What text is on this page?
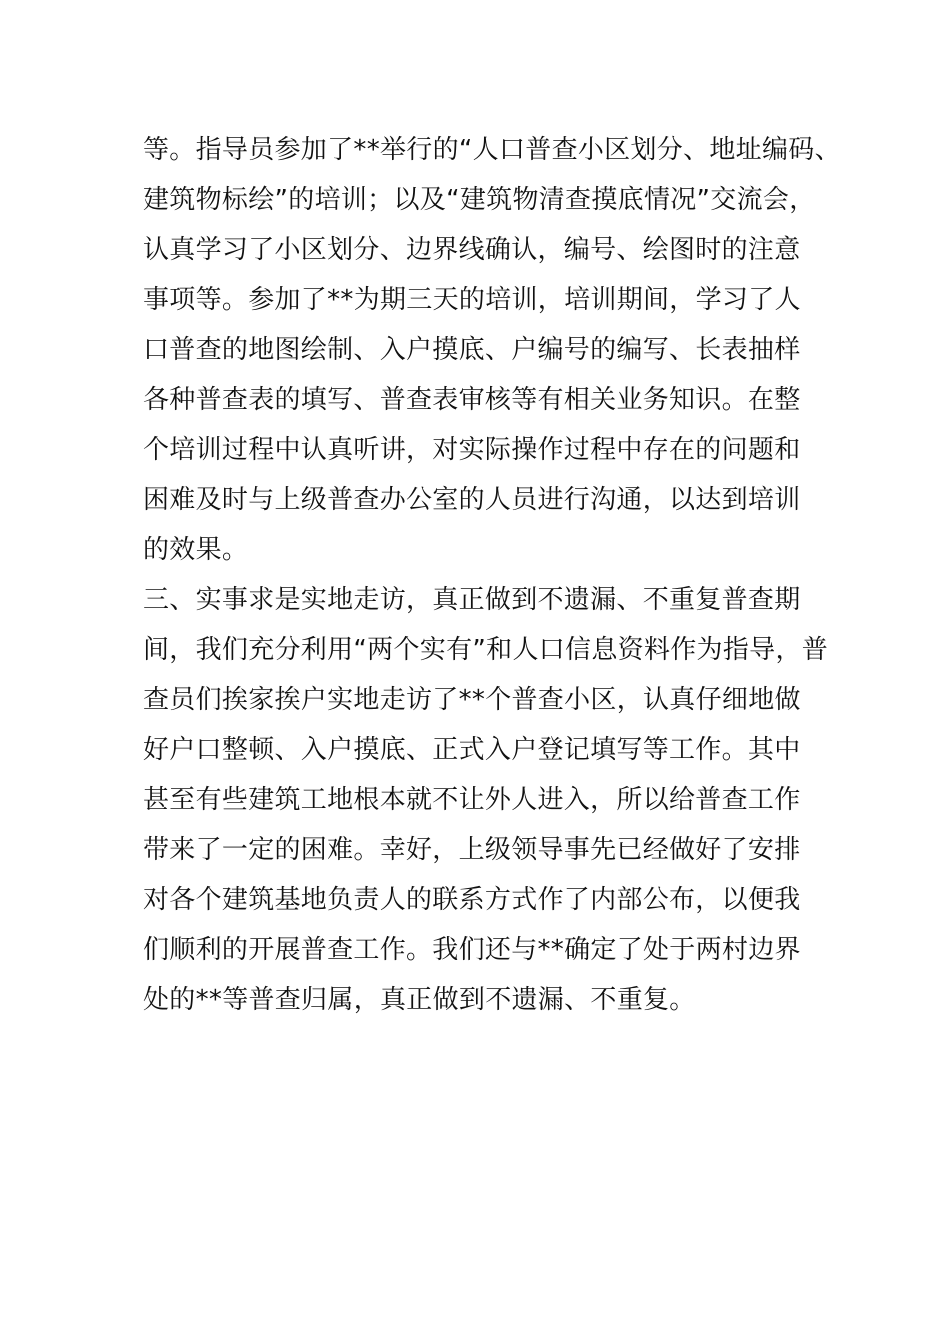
等。指导员参加了**举行的“人口普查小区划分、地址编码、
建筑物标绘”的培训；以及“建筑物清查摸底情况”交流会，
认真学习了小区划分、边界线确认，编号、绘图时的注意
事项等。参加了**为期三天的培训，培训期间，学习了人
口普查的地图绘制、入户摸底、户编号的编写、长表抽样
各种普查表的填写、普查表审核等有相关业务知识。在整
个培训过程中认真听讲，对实际操作过程中存在的问题和
困难及时与上级普查办公室的人员进行沟通，以达到培训
的效果。
三、实事求是实地走访，真正做到不遗漏、不重复普查期
间，我们充分利用“两个实有”和人口信息资料作为指导，普
查员们挨家挨户实地走访了**个普查小区，认真仔细地做
好户口整顿、入户摸底、正式入户登记填写等工作。其中
甚至有些建筑工地根本就不让外人进入，所以给普查工作
带来了一定的困难。幸好，上级领导事先已经做好了安排
对各个建筑基地负责人的联系方式作了内部公布，以便我
们顺利的开展普查工作。我们还与**确定了处于两村边界
处的**等普查归属，真正做到不遗漏、不重复。
